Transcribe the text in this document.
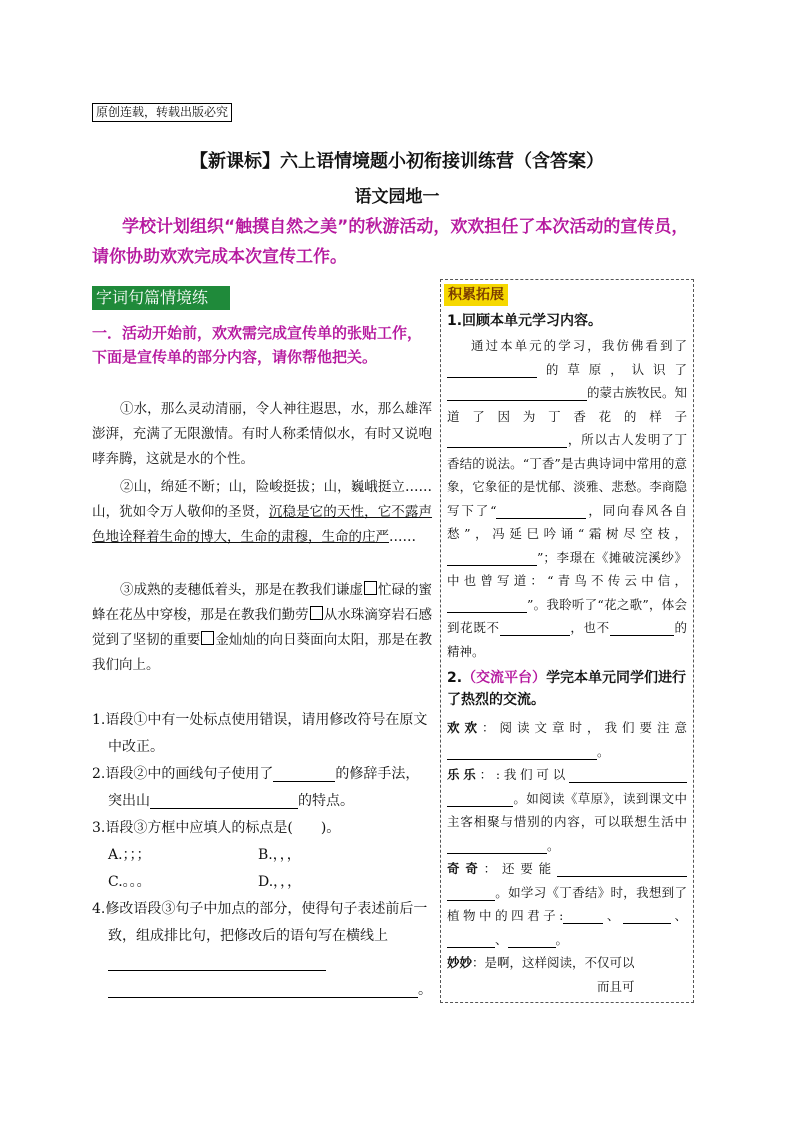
原创连载，转载出版必究
【新课标】六上语情境题小初衔接训练营（含答案）
语文园地一
学校计划组织“触摸自然之美”的秋游活动，欢欢担任了本次活动的宣传员，请你协助欢欢完成本次宣传工作。
字词句篇情境练
一．活动开始前，欢欢需完成宣传单的张贴工作，下面是宣传单的部分内容，请你帮他把关。
①水，那么灵动清丽，令人神往遐思，水，那么雄浑澎湃，充满了无限激情。有时人称柔情似水，有时又说咆哮奔腾，这就是水的个性。
②山，绵延不断；山，险峻挺拔；山，巍峨挺立……山，犹如令万人敬仰的圣贤，沉稳是它的天性，它不露声色地诠释着生命的博大，生命的肃穆，生命的庄严……
③成熟的麦穗低着头，那是在教我们谦虚 忙碌的蜜蜂在花丛中穿梭，那是在教我们勤劳 从水珠滴穿岩石感觉到了坚韧的重要 金灿灿的向日葵面向太阳，那是在教我们向上。
1.语段①中有一处标点使用错误，请用修改符号在原文中改正。
2.语段②中的画线句子使用了	的修辞手法，突出山	的特点。
3.语段③方框中应填人的标点是(　　)。
A.；；；	B.，，，
C.。。。	D.，，，
4.修改语段③句子中加点的部分，使得句子表述前后一致，组成排比句，把修改后的语句写在横线上
。
积累拓展
1.回顾本单元学习内容。
通过本单元的学习，我仿佛看到了的草原，认识了的蒙古族牧民。知道了因为丁香花的样子，所以古人发明了丁香结的说法。“丁香”是古典诗词中常用的意象，它象征的是忧郁、淡雅、悲愁。李商隐写下了“	，同向春风各自愁”，冯延巳吟诵“霜树尽空枝，”；李璟在《摊破浣溪纱》中也曾写道：“青鸟不传云中信，”。我聆听了“花之歌”，体会到花既不	，也不	的精神。
2.（交流平台）学完本单元同学们进行了热烈的交流。
欢欢：阅读文章时，我们要注意。
乐乐：:我们可以。如阅读《草原》，读到课文中主客相聚与惜别的内容，可以联想生活中。
奇奇：还要能。如学习《丁香结》时，我想到了植物中的四君子:	、	、、	。
妙妙：是啊，这样阅读，不仅可以
而且可
